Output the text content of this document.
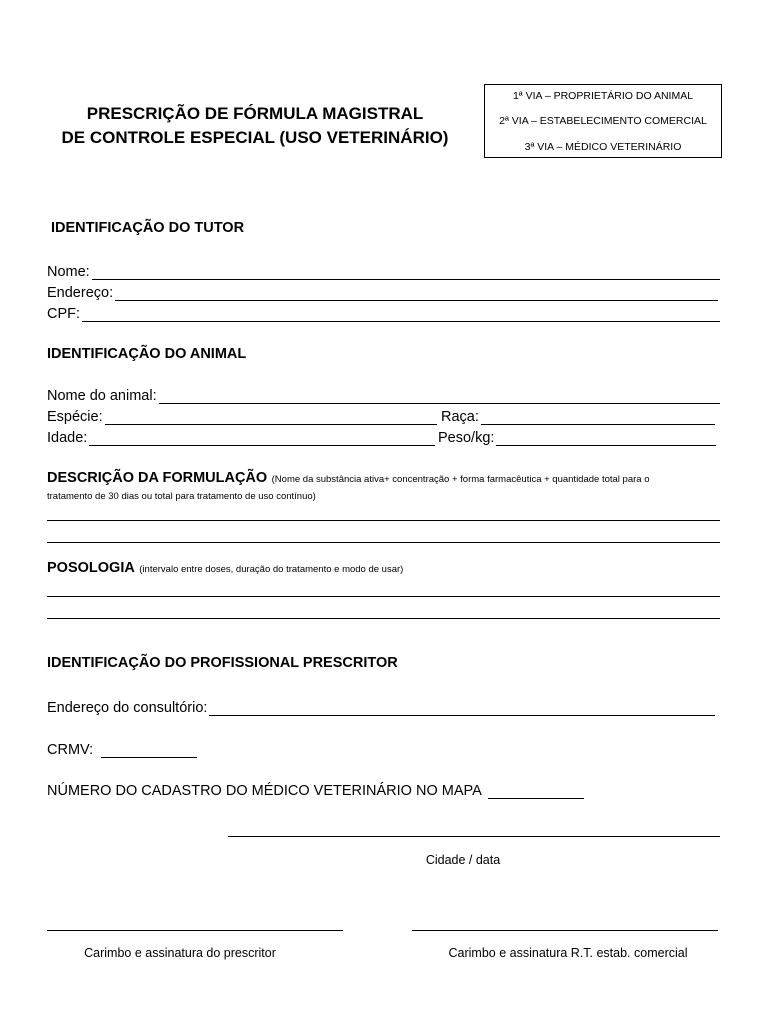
PRESCRIÇÃO DE FÓRMULA MAGISTRAL
DE CONTROLE ESPECIAL (USO VETERINÁRIO)
1ª VIA – PROPRIETÁRIO DO ANIMAL
2ª VIA – ESTABELECIMENTO COMERCIAL
3ª VIA – MÉDICO VETERINÁRIO
IDENTIFICAÇÃO DO TUTOR
Nome:
Endereço:
CPF:
IDENTIFICAÇÃO DO ANIMAL
Nome do animal:
Espécie:	Raça:
Idade:	Peso/kg:
DESCRIÇÃO DA FORMULAÇÃO (Nome da substância ativa+ concentração + forma farmacêutica + quantidade total para o
tratamento de 30 dias ou total para tratamento de uso contínuo)
POSOLOGIA (intervalo entre doses, duração do tratamento e modo de usar)
IDENTIFICAÇÃO DO PROFISSIONAL PRESCRITOR
Endereço do consultório:
CRMV:
NÚMERO DO CADASTRO DO MÉDICO VETERINÁRIO NO MAPA
Cidade / data
Carimbo e assinatura do prescritor	Carimbo e assinatura R.T. estab. comercial
